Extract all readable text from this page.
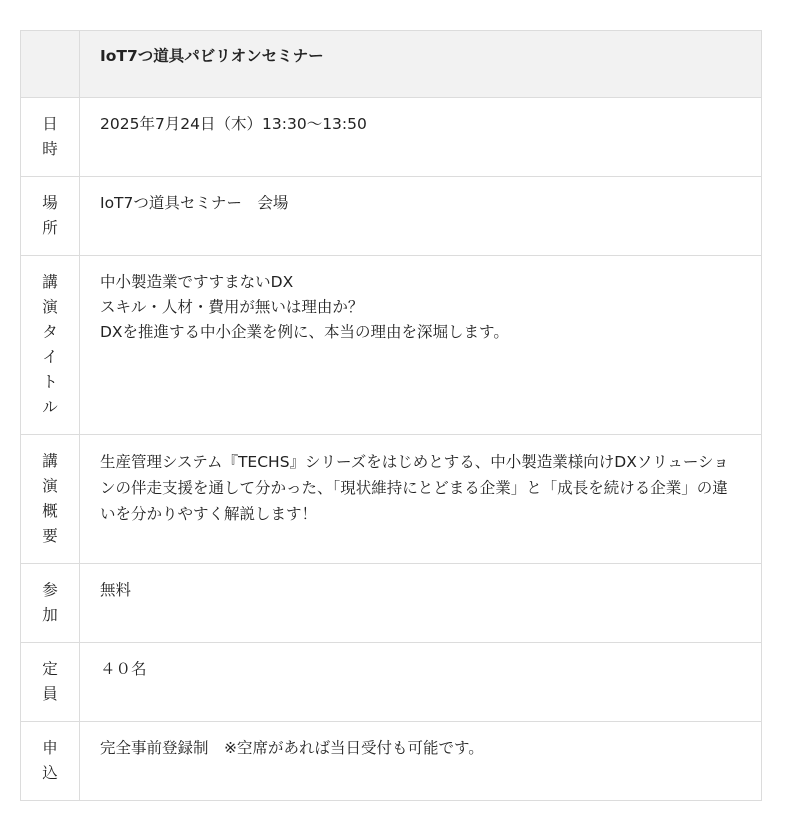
	IoT7つ道具パビリオンセミナー
日時	2025年7月24日（木）13:30〜13:50
場所	IoT7つ道具セミナー　会場
講演タイトル	中小製造業ですすまないDX
スキル・人材・費用が無いは理由か？
DXを推進する中小企業を例に、本当の理由を深堀します。

講演概要	生産管理システム『TECHS』シリーズをはじめとする、中小製造業様向けDXソリューションの伴走支援を通して分かった、「現状維持にとどまる企業」と「成長を続ける企業」の違いを分かりやすく解説します！

参加	無料
定員	４０名
申込	完全事前登録制　※空席があれば当日受付も可能です。
